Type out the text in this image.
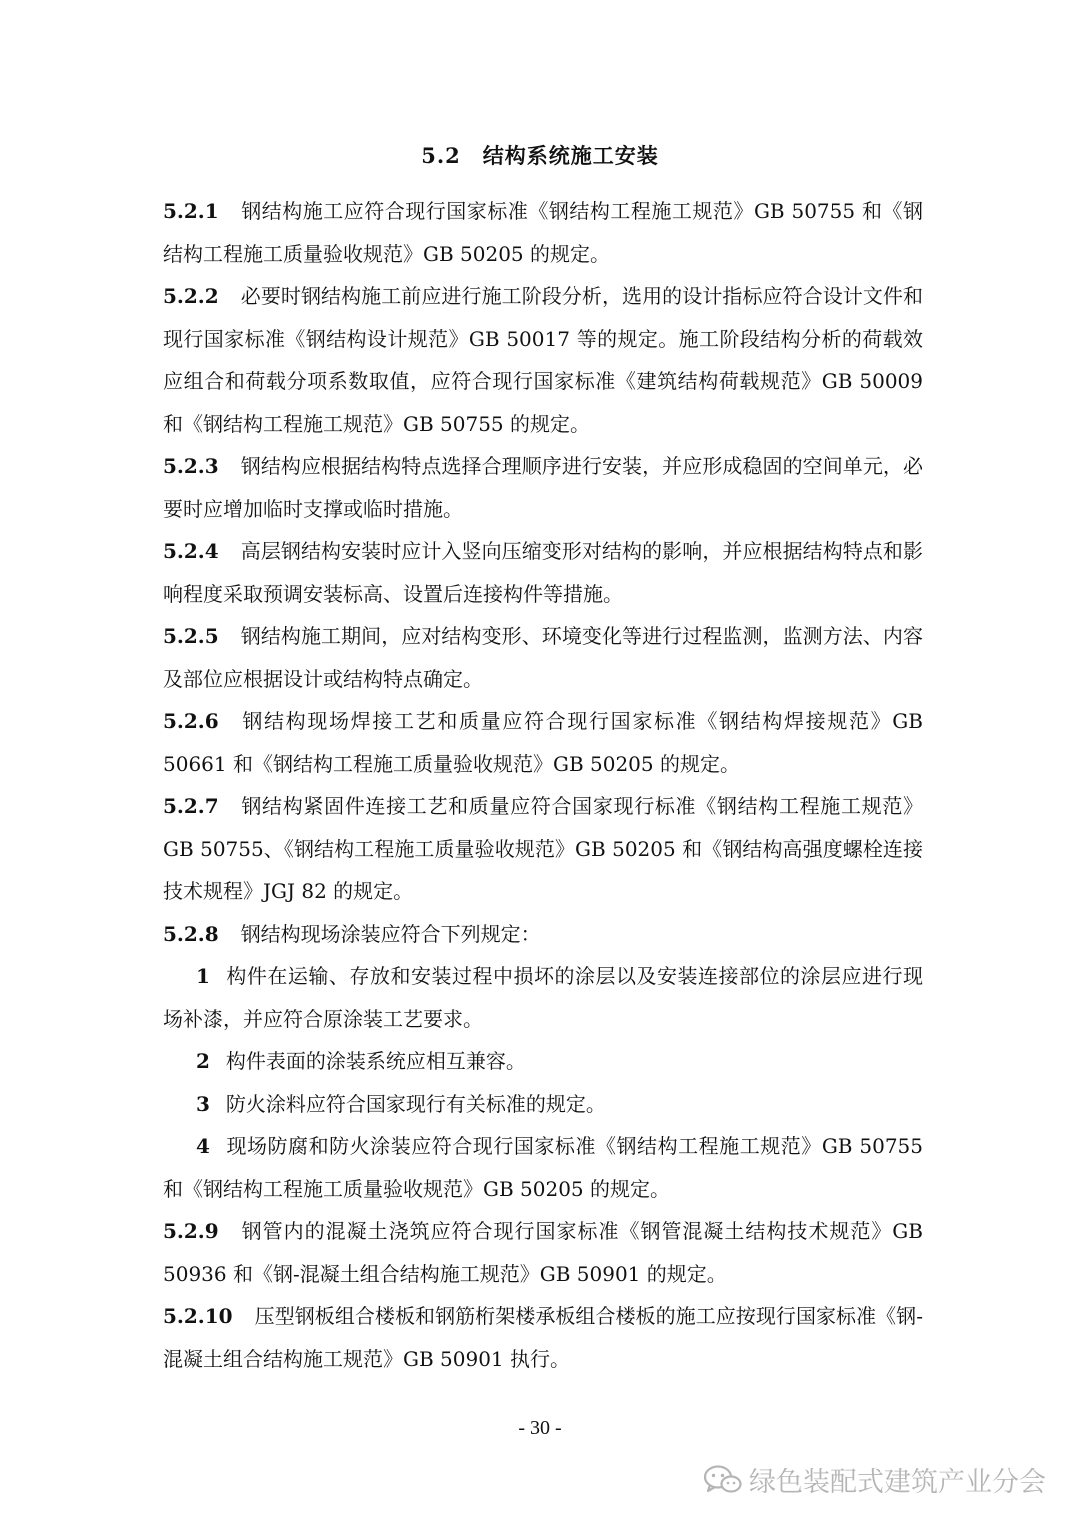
5.2 结构系统施工安装

5.2.1 钢结构施工应符合现行国家标准《钢结构工程施工规范》GB 50755 和《钢结构工程施工质量验收规范》GB 50205 的规定。

5.2.2 必要时钢结构施工前应进行施工阶段分析，选用的设计指标应符合设计文件和现行国家标准《钢结构设计规范》GB 50017 等的规定。施工阶段结构分析的荷载效应组合和荷载分项系数取值，应符合现行国家标准《建筑结构荷载规范》GB 50009 和《钢结构工程施工规范》GB 50755 的规定。

5.2.3 钢结构应根据结构特点选择合理顺序进行安装，并应形成稳固的空间单元，必要时应增加临时支撑或临时措施。

5.2.4 高层钢结构安装时应计入竖向压缩变形对结构的影响，并应根据结构特点和影响程度采取预调安装标高、设置后连接构件等措施。

5.2.5 钢结构施工期间，应对结构变形、环境变化等进行过程监测，监测方法、内容及部位应根据设计或结构特点确定。

5.2.6 钢结构现场焊接工艺和质量应符合现行国家标准《钢结构焊接规范》GB 50661 和《钢结构工程施工质量验收规范》GB 50205 的规定。

5.2.7 钢结构紧固件连接工艺和质量应符合国家现行标准《钢结构工程施工规范》GB 50755、《钢结构工程施工质量验收规范》GB 50205 和《钢结构高强度螺栓连接技术规程》JGJ 82 的规定。

5.2.8 钢结构现场涂装应符合下列规定：

1 构件在运输、存放和安装过程中损坏的涂层以及安装连接部位的涂层应进行现场补漆，并应符合原涂装工艺要求。

2 构件表面的涂装系统应相互兼容。

3 防火涂料应符合国家现行有关标准的规定。

4 现场防腐和防火涂装应符合现行国家标准《钢结构工程施工规范》GB 50755 和《钢结构工程施工质量验收规范》GB 50205 的规定。

5.2.9 钢管内的混凝土浇筑应符合现行国家标准《钢管混凝土结构技术规范》GB 50936 和《钢-混凝土组合结构施工规范》GB 50901 的规定。

5.2.10 压型钢板组合楼板和钢筋桁架楼承板组合楼板的施工应按现行国家标准《钢-混凝土组合结构施工规范》GB 50901 执行。

- 30 -
绿色装配式建筑产业分会
